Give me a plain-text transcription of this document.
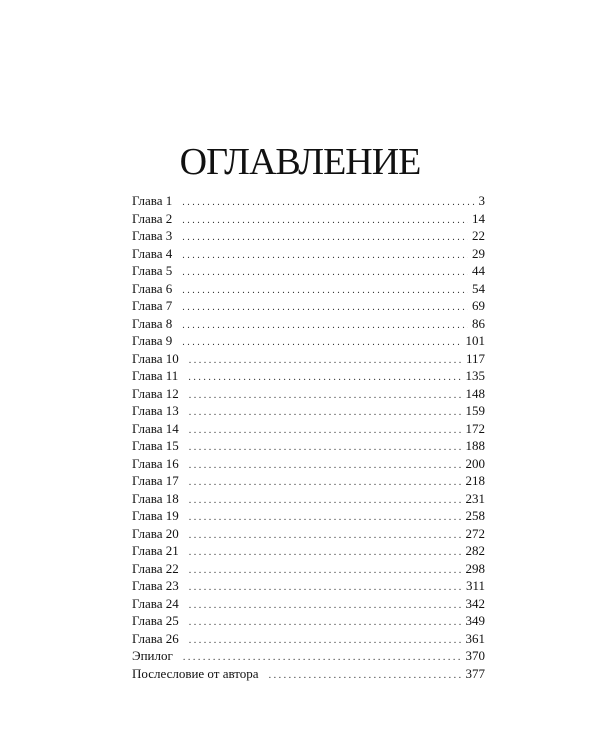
ОГЛАВЛЕНИЕ
Глава 1 . . .	3
Глава 2 . . .	14
Глава 3 . . .	22
Глава 4 . . .	29
Глава 5 . . .	44
Глава 6 . . .	54
Глава 7 . . .	69
Глава 8 . . .	86
Глава 9 . . .	101
Глава 10 . . .	117
Глава 11 . . .	135
Глава 12 . . .	148
Глава 13 . . .	159
Глава 14 . . .	172
Глава 15 . . .	188
Глава 16 . . .	200
Глава 17 . . .	218
Глава 18 . . .	231
Глава 19 . . .	258
Глава 20 . . .	272
Глава 21 . . .	282
Глава 22 . . .	298
Глава 23 . . .	311
Глава 24 . . .	342
Глава 25 . . .	349
Глава 26 . . .	361
Эпилог . . .	370
Послесловие от автора . . .	377
